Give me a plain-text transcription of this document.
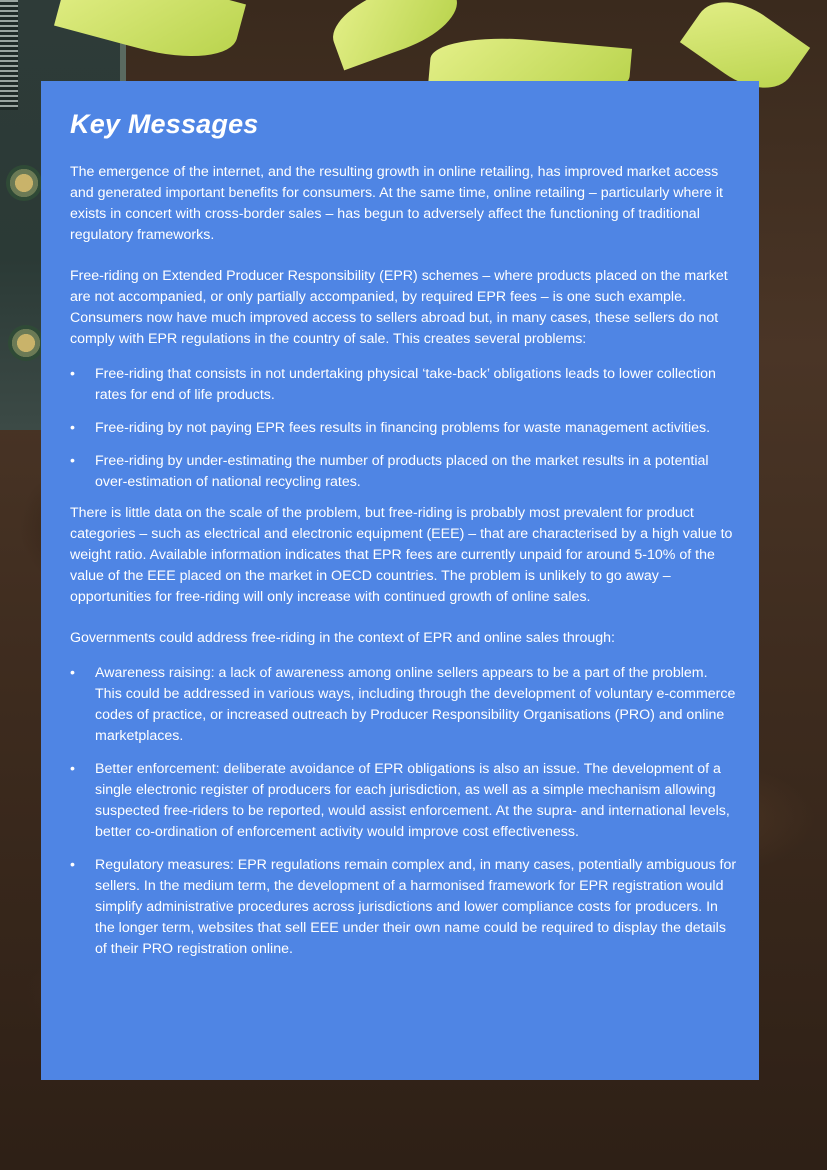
Key Messages

The emergence of the internet, and the resulting growth in online retailing, has improved market access and generated important benefits for consumers. At the same time, online retailing – particularly where it exists in concert with cross-border sales – has begun to adversely affect the functioning of traditional regulatory frameworks.

Free-riding on Extended Producer Responsibility (EPR) schemes – where products placed on the market are not accompanied, or only partially accompanied, by required EPR fees – is one such example. Consumers now have much improved access to sellers abroad but, in many cases, these sellers do not comply with EPR regulations in the country of sale. This creates several problems:

• Free-riding that consists in not undertaking physical ‘take-back’ obligations leads to lower collection rates for end of life products.
• Free-riding by not paying EPR fees results in financing problems for waste management activities.
• Free-riding by under-estimating the number of products placed on the market results in a potential over-estimation of national recycling rates.

There is little data on the scale of the problem, but free-riding is probably most prevalent for product categories – such as electrical and electronic equipment (EEE) – that are characterised by a high value to weight ratio. Available information indicates that EPR fees are currently unpaid for around 5-10% of the value of the EEE placed on the market in OECD countries. The problem is unlikely to go away – opportunities for free-riding will only increase with continued growth of online sales.

Governments could address free-riding in the context of EPR and online sales through:

• Awareness raising: a lack of awareness among online sellers appears to be a part of the problem. This could be addressed in various ways, including through the development of voluntary e-commerce codes of practice, or increased outreach by Producer Responsibility Organisations (PRO) and online marketplaces.
• Better enforcement: deliberate avoidance of EPR obligations is also an issue. The development of a single electronic register of producers for each jurisdiction, as well as a simple mechanism allowing suspected free-riders to be reported, would assist enforcement. At the supra- and international levels, better co-ordination of enforcement activity would improve cost effectiveness.
• Regulatory measures: EPR regulations remain complex and, in many cases, potentially ambiguous for sellers. In the medium term, the development of a harmonised framework for EPR registration would simplify administrative procedures across jurisdictions and lower compliance costs for producers. In the longer term, websites that sell EEE under their own name could be required to display the details of their PRO registration online.
